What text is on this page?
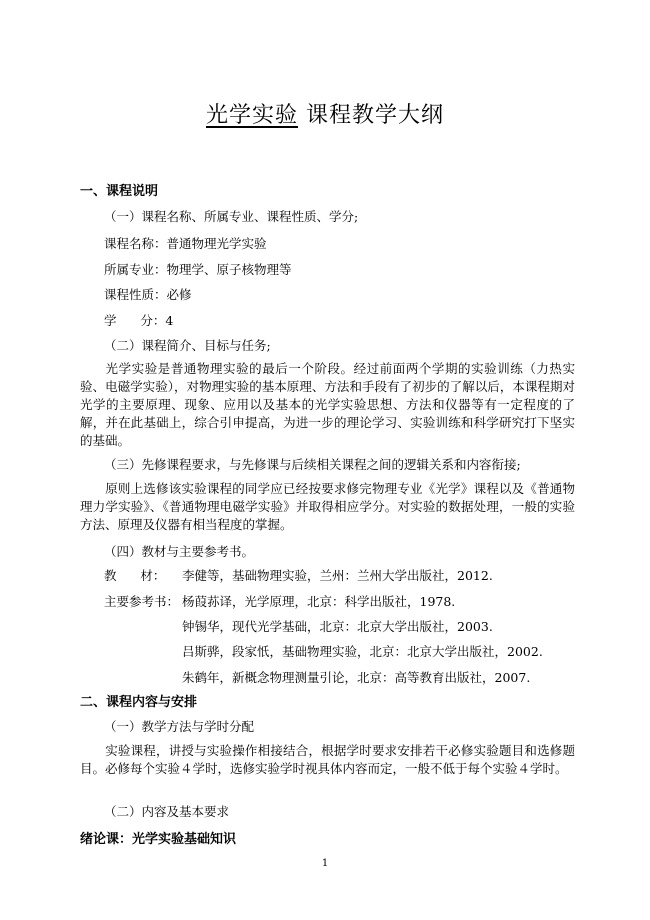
光学实验 课程教学大纲
一、课程说明
（一）课程名称、所属专业、课程性质、学分;
课程名称：普通物理光学实验
所属专业：物理学、原子核物理等
课程性质：必修
学      分：4
（二）课程简介、目标与任务;
光学实验是普通物理实验的最后一个阶段。经过前面两个学期的实验训练（力热实验、电磁学实验），对物理实验的基本原理、方法和手段有了初步的了解以后，本课程期对光学的主要原理、现象、应用以及基本的光学实验思想、方法和仪器等有一定程度的了解，并在此基础上，综合引申提高，为进一步的理论学习、实验训练和科学研究打下坚实的基础。
（三）先修课程要求，与先修课与后续相关课程之间的逻辑关系和内容衔接;
原则上选修该实验课程的同学应已经按要求修完物理专业《光学》课程以及《普通物理力学实验》、《普通物理电磁学实验》并取得相应学分。对实验的数据处理，一般的实验方法、原理及仪器有相当程度的掌握。
（四）教材与主要参考书。
教      材： 李健等，基础物理实验，兰州：兰州大学出版社，2012.
主要参考书： 杨葭荪译，光学原理，北京：科学出版社，1978.
钟锡华，现代光学基础，北京：北京大学出版社，2003.
吕斯骅，段家忯，基础物理实验，北京：北京大学出版社，2002.
朱鹤年，新概念物理测量引论，北京：高等教育出版社，2007.
二、课程内容与安排
（一）教学方法与学时分配
实验课程，讲授与实验操作相接结合，根据学时要求安排若干必修实验题目和选修题目。必修每个实验４学时，选修实验学时视具体内容而定，一般不低于每个实验４学时。
（二）内容及基本要求
绪论课：光学实验基础知识
1
